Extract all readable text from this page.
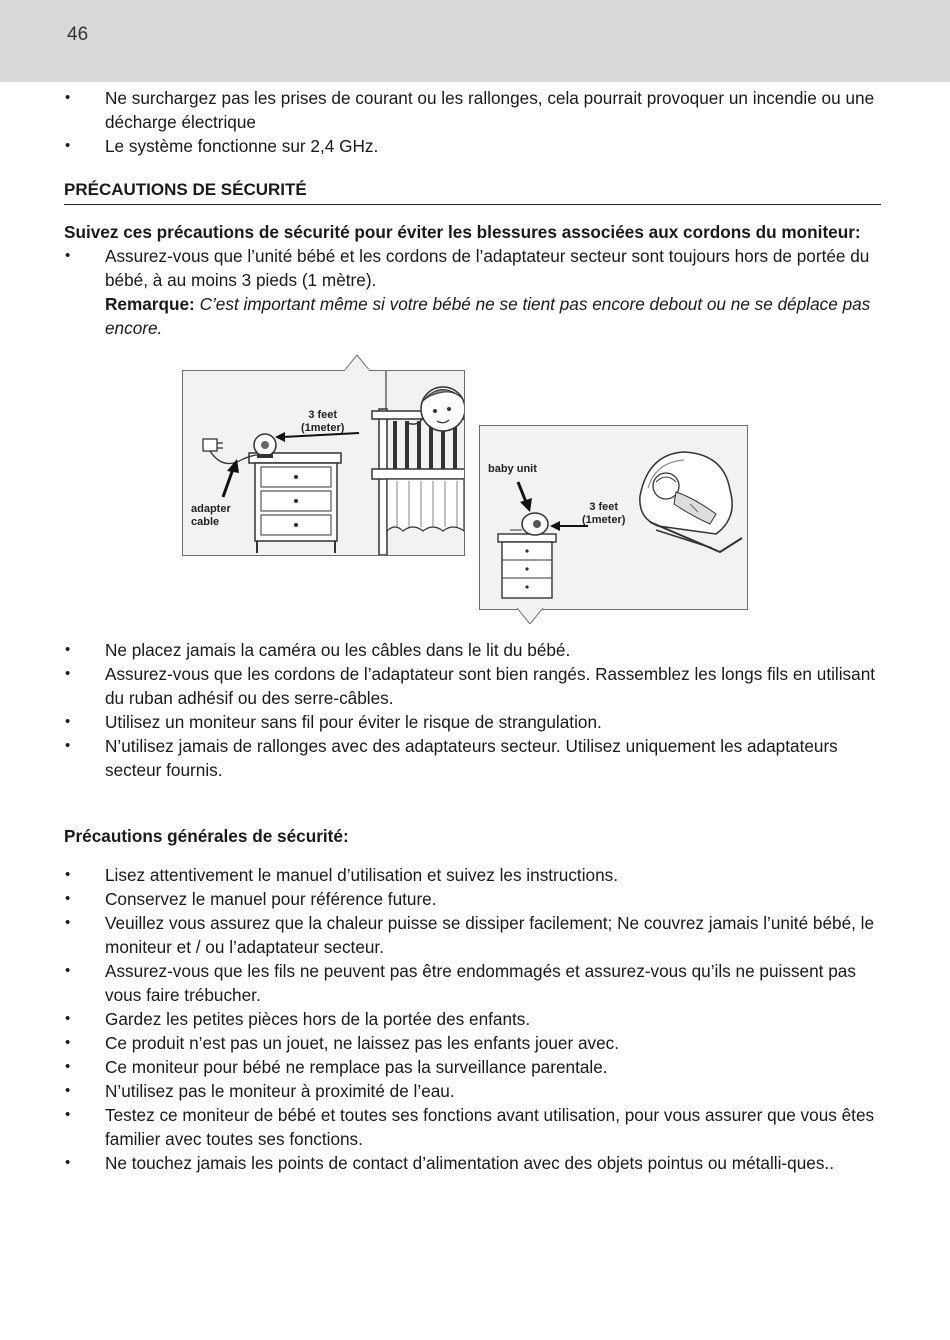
46
• Ne surchargez pas les prises de courant ou les rallonges, cela pourrait provoquer un incendie ou une décharge électrique
• Le système fonctionne sur 2,4 GHz.
PRÉCAUTIONS DE SÉCURITÉ
Suivez ces précautions de sécurité pour éviter les blessures associées aux cordons du moniteur:
• Assurez-vous que l’unité bébé et les cordons de l’adaptateur secteur sont toujours hors de portée du bébé, à au moins 3 pieds (1 mètre).
Remarque: C’est important même si votre bébé ne se tient pas encore debout ou ne se déplace pas encore.
3 feet
(1meter)
adapter
cable
baby unit
3 feet
(1meter)
• Ne placez jamais la caméra ou les câbles dans le lit du bébé.
• Assurez-vous que les cordons de l’adaptateur sont bien rangés. Rassemblez les longs fils en utilisant du ruban adhésif ou des serre-câbles.
• Utilisez un moniteur sans fil pour éviter le risque de strangulation.
• N’utilisez jamais de rallonges avec des adaptateurs secteur. Utilisez uniquement les adaptateurs secteur fournis.
Précautions générales de sécurité:
• Lisez attentivement le manuel d’utilisation et suivez les instructions.
• Conservez le manuel pour référence future.
• Veuillez vous assurez que la chaleur puisse se dissiper facilement; Ne couvrez jamais l’unité bébé, le moniteur et / ou l’adaptateur secteur.
• Assurez-vous que les fils ne peuvent pas être endommagés et assurez-vous qu’ils ne puissent pas vous faire trébucher.
• Gardez les petites pièces hors de la portée des enfants.
• Ce produit n’est pas un jouet, ne laissez pas les enfants jouer avec.
• Ce moniteur pour bébé ne remplace pas la surveillance parentale.
• N’utilisez pas le moniteur à proximité de l’eau.
• Testez ce moniteur de bébé et toutes ses fonctions avant utilisation, pour vous assurer que vous êtes familier avec toutes ses fonctions.
• Ne touchez jamais les points de contact d’alimentation avec des objets pointus ou métalli-ques..
